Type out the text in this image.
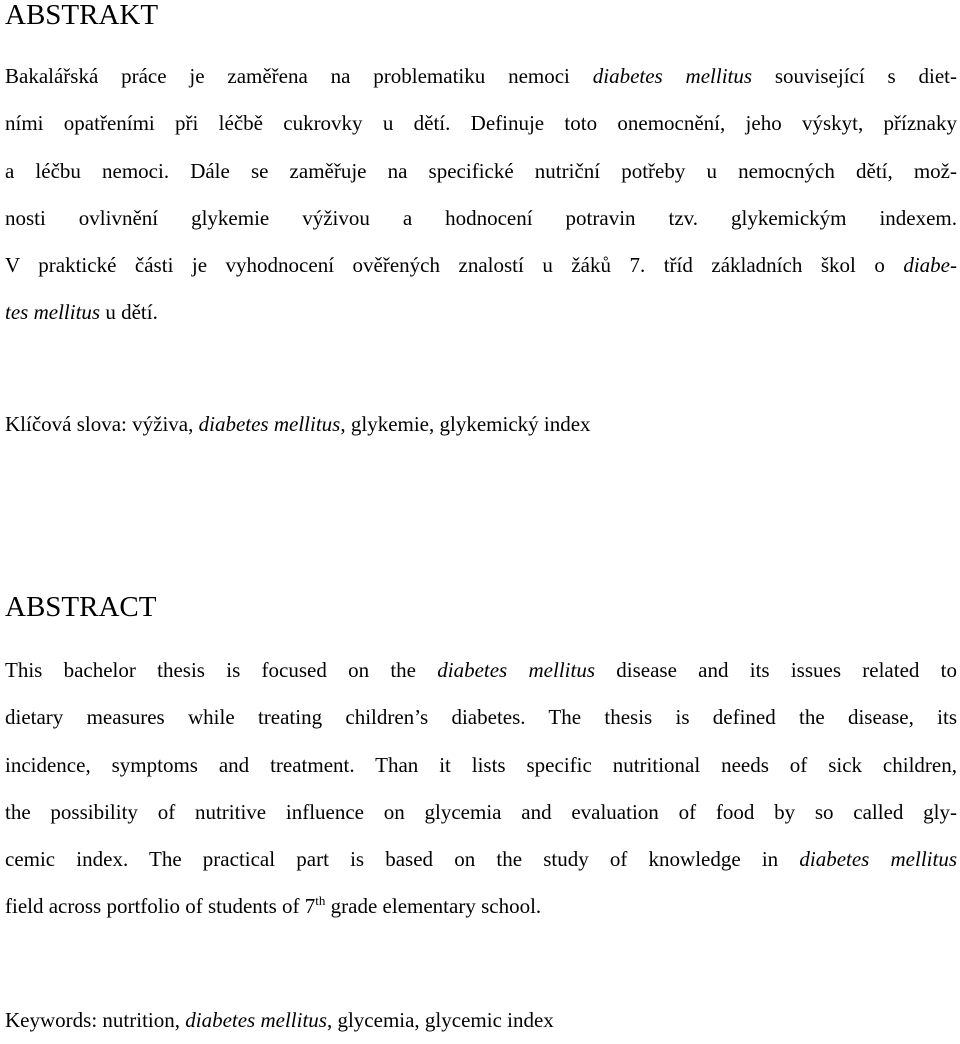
ABSTRAKT
Bakalářská práce je zaměřena na problematiku nemoci diabetes mellitus související s diet-
ními opatřeními při léčbě cukrovky u dětí. Definuje toto onemocnění, jeho výskyt, příznaky
a léčbu nemoci. Dále se zaměřuje na specifické nutriční potřeby u nemocných dětí, mož-
nosti ovlivnění glykemie výživou a hodnocení potravin tzv. glykemickým indexem.
V praktické části je vyhodnocení ověřených znalostí u žáků 7. tříd základních škol o diabe-
tes mellitus u dětí.
Klíčová slova: výživa, diabetes mellitus, glykemie, glykemický index
ABSTRACT
This bachelor thesis is focused on the diabetes mellitus disease and its issues related to
dietary measures while treating children’s diabetes. The thesis is defined the disease, its
incidence, symptoms and treatment. Than it lists specific nutritional needs of sick children,
the possibility of nutritive influence on glycemia and evaluation of food by so called gly-
cemic index. The practical part is based on the study of knowledge in diabetes mellitus
field across portfolio of students of 7th grade elementary school.
Keywords: nutrition, diabetes mellitus, glycemia, glycemic index
